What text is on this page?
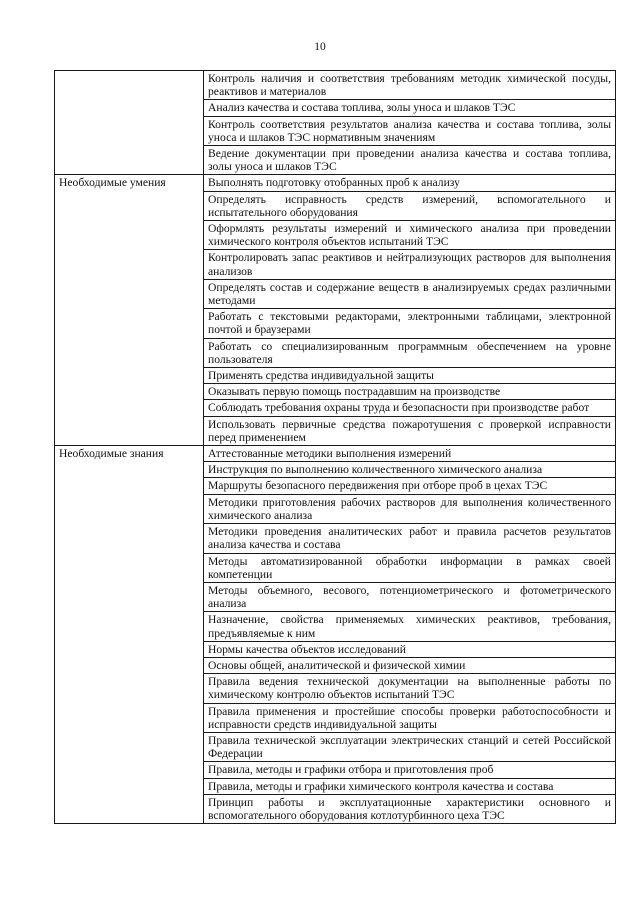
10
	Контроль наличия и соответствия требованиям методик химической посуды, реактивов и материалов
	Анализ качества и состава топлива, золы уноса и шлаков ТЭС
	Контроль соответствия результатов анализа качества и состава топлива, золы уноса и шлаков ТЭС нормативным значениям
	Ведение документации при проведении анализа качества и состава топлива, золы уноса и шлаков ТЭС
Необходимые умения	Выполнять подготовку отобранных проб к анализу
	Определять исправность средств измерений, вспомогательного и испытательного оборудования
	Оформлять результаты измерений и химического анализа при проведении химического контроля объектов испытаний ТЭС
	Контролировать запас реактивов и нейтрализующих растворов для выполнения анализов
	Определять состав и содержание веществ в анализируемых средах различными методами
	Работать с текстовыми редакторами, электронными таблицами, электронной почтой и браузерами
	Работать со специализированным программным обеспечением на уровне пользователя
	Применять средства индивидуальной защиты
	Оказывать первую помощь пострадавшим на производстве
	Соблюдать требования охраны труда и безопасности при производстве работ
	Использовать первичные средства пожаротушения с проверкой исправности перед применением
Необходимые знания	Аттестованные методики выполнения измерений
	Инструкция по выполнению количественного химического анализа
	Маршруты безопасного передвижения при отборе проб в цехах ТЭС
	Методики приготовления рабочих растворов для выполнения количественного химического анализа
	Методики проведения аналитических работ и правила расчетов результатов анализа качества и состава
	Методы автоматизированной обработки информации в рамках своей компетенции
	Методы объемного, весового, потенциометрического и фотометрического анализа
	Назначение, свойства применяемых химических реактивов, требования, предъявляемые к ним
	Нормы качества объектов исследований
	Основы общей, аналитической и физической химии
	Правила ведения технической документации на выполненные работы по химическому контролю объектов испытаний ТЭС
	Правила применения и простейшие способы проверки работоспособности и исправности средств индивидуальной защиты
	Правила технической эксплуатации электрических станций и сетей Российской Федерации
	Правила, методы и графики отбора и приготовления проб
	Правила, методы и графики химического контроля качества и состава
	Принцип работы и эксплуатационные характеристики основного и вспомогательного оборудования котлотурбинного цеха ТЭС
